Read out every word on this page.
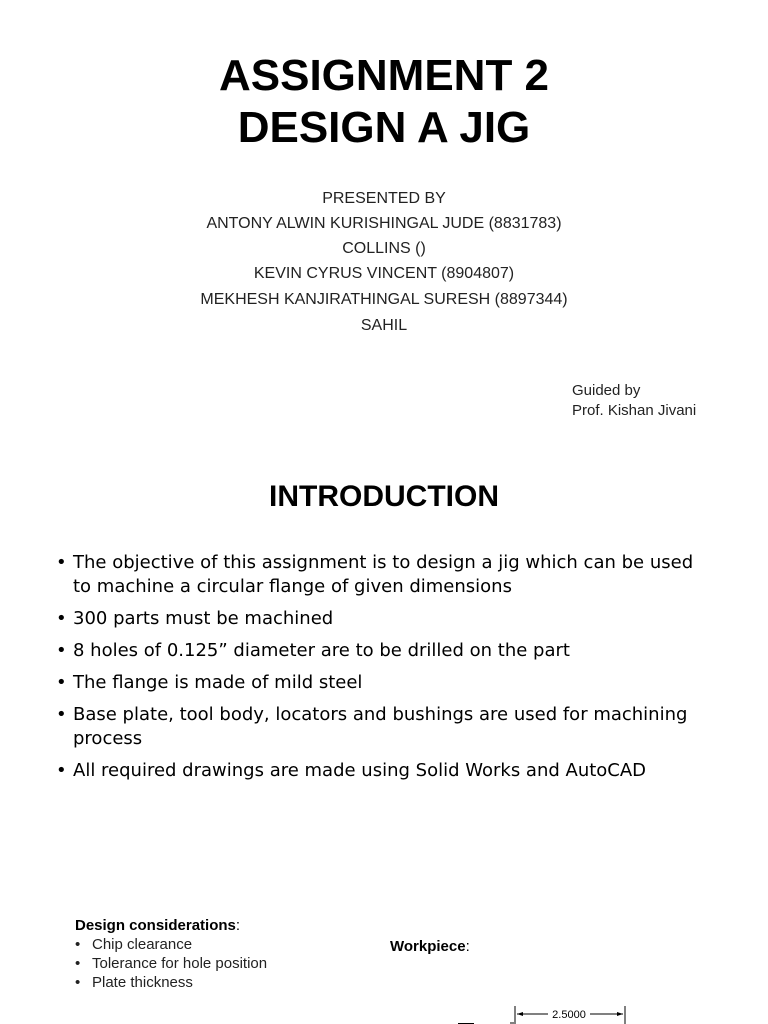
ASSIGNMENT 2
DESIGN A JIG
PRESENTED BY
ANTONY ALWIN KURISHINGAL JUDE (8831783)
COLLINS ()
KEVIN CYRUS VINCENT (8904807)
MEKHESH KANJIRATHINGAL SURESH (8897344)
SAHIL
Guided by
Prof. Kishan Jivani
INTRODUCTION
• The objective of this assignment is to design a jig which can be used to machine a circular flange of given dimensions
• 300 parts must be machined
• 8 holes of 0.125” diameter are to be drilled on the part
• The flange is made of mild steel
• Base plate, tool body, locators and bushings are used for machining process
• All required drawings are made using Solid Works and AutoCAD
Design considerations:
• Chip clearance
• Tolerance for hole position
• Plate thickness
Workpiece:
2.5000
